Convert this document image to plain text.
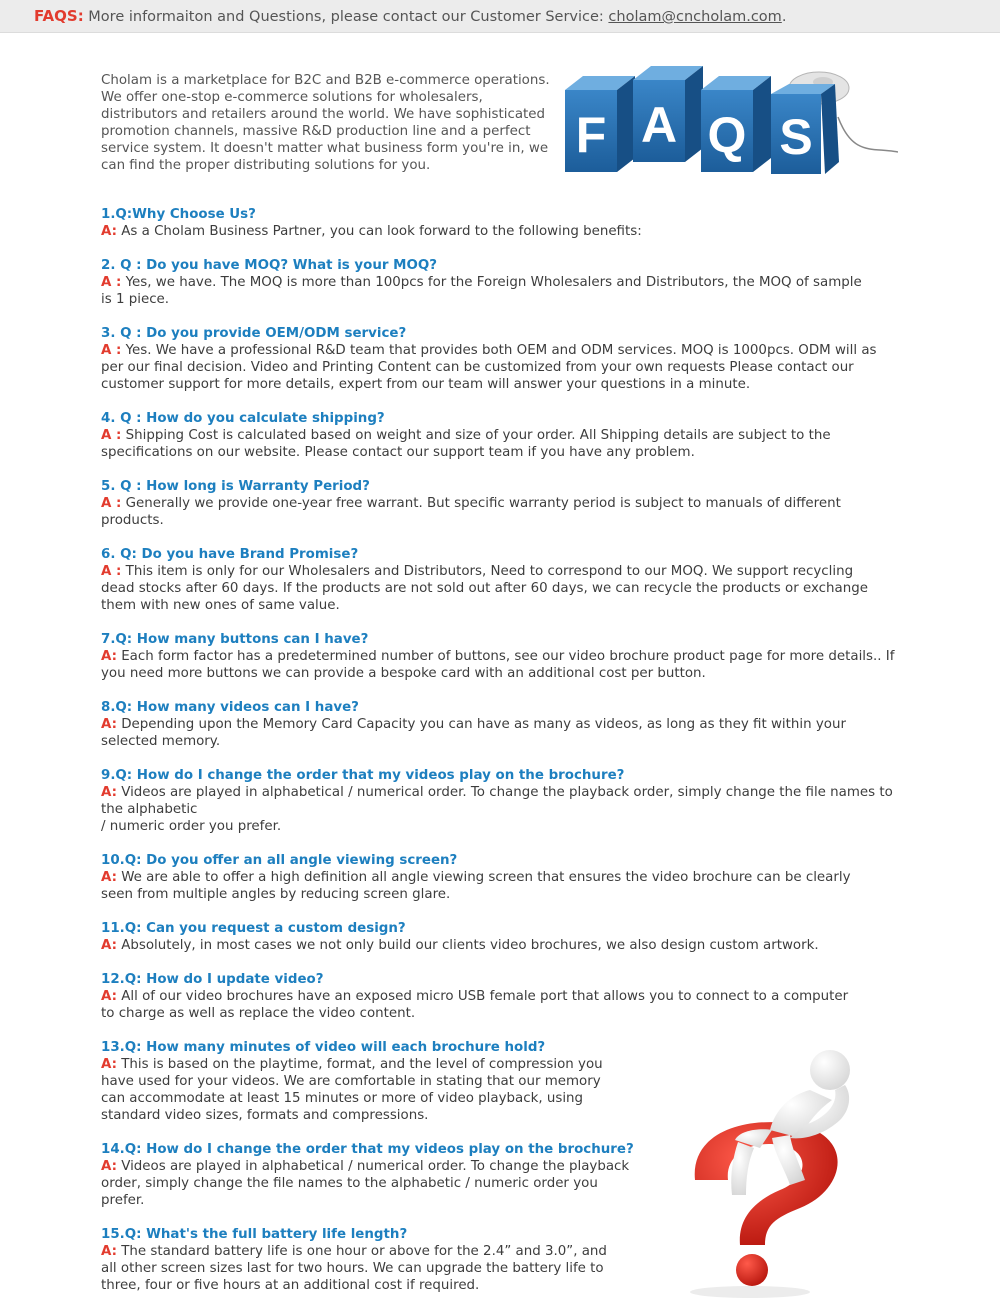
FAQS: More informaiton and Questions, please contact our Customer Service: cholam@cncholam.com.

Cholam is a marketplace for B2C and B2B e-commerce operations. We offer one-stop e-commerce solutions for wholesalers, distributors and retailers around the world. We have sophisticated promotion channels, massive R&D production line and a perfect service system. It doesn't matter what business form you're in, we can find the proper distributing solutions for you.

F A Q S

1.Q:Why Choose Us?

A: As a Cholam Business Partner, you can look forward to the following benefits:

2. Q : Do you have MOQ? What is your MOQ?

A : Yes, we have. The MOQ is more than 100pcs for the Foreign Wholesalers and Distributors, the MOQ of sample is 1 piece.

3. Q : Do you provide OEM/ODM service?

A : Yes. We have a professional R&D team that provides both OEM and ODM services. MOQ is 1000pcs. ODM will as per our final decision. Video and Printing Content can be customized from your own requests Please contact our customer support for more details, expert from our team will answer your questions in a minute.

4. Q : How do you calculate shipping?

A : Shipping Cost is calculated based on weight and size of your order. All Shipping details are subject to the specifications on our website. Please contact our support team if you have any problem.

5. Q : How long is Warranty Period?

A : Generally we provide one-year free warrant. But specific warranty period is subject to manuals of different products.

6. Q: Do you have Brand Promise?

A : This item is only for our Wholesalers and Distributors, Need to correspond to our MOQ. We support recycling dead stocks after 60 days. If the products are not sold out after 60 days, we can recycle the products or exchange them with new ones of same value.

7.Q: How many buttons can I have?

A: Each form factor has a predetermined number of buttons, see our video brochure product page for more details.. If you need more buttons we can provide a bespoke card with an additional cost per button.

8.Q: How many videos can I have?

A: Depending upon the Memory Card Capacity you can have as many as videos, as long as they fit within your selected memory.

9.Q: How do I change the order that my videos play on the brochure?

A: Videos are played in alphabetical / numerical order. To change the playback order, simply change the file names to the alphabetic
/ numeric order you prefer.

10.Q: Do you offer an all angle viewing screen?

A: We are able to offer a high definition all angle viewing screen that ensures the video brochure can be clearly seen from multiple angles by reducing screen glare.

11.Q: Can you request a custom design?

A: Absolutely, in most cases we not only build our clients video brochures, we also design custom artwork.

12.Q: How do I update video?

A: All of our video brochures have an exposed micro USB female port that allows you to connect to a computer to charge as well as replace the video content.

13.Q: How many minutes of video will each brochure hold?

A: This is based on the playtime, format, and the level of compression you have used for your videos. We are comfortable in stating that our memory can accommodate at least 15 minutes or more of video playback, using standard video sizes, formats and compressions.

14.Q: How do I change the order that my videos play on the brochure?

A: Videos are played in alphabetical / numerical order. To change the playback order, simply change the file names to the alphabetic / numeric order you prefer.

15.Q: What's the full battery life length?

A: The standard battery life is one hour or above for the 2.4” and 3.0”, and all other screen sizes last for two hours. We can upgrade the battery life to three, four or five hours at an additional cost if required.
